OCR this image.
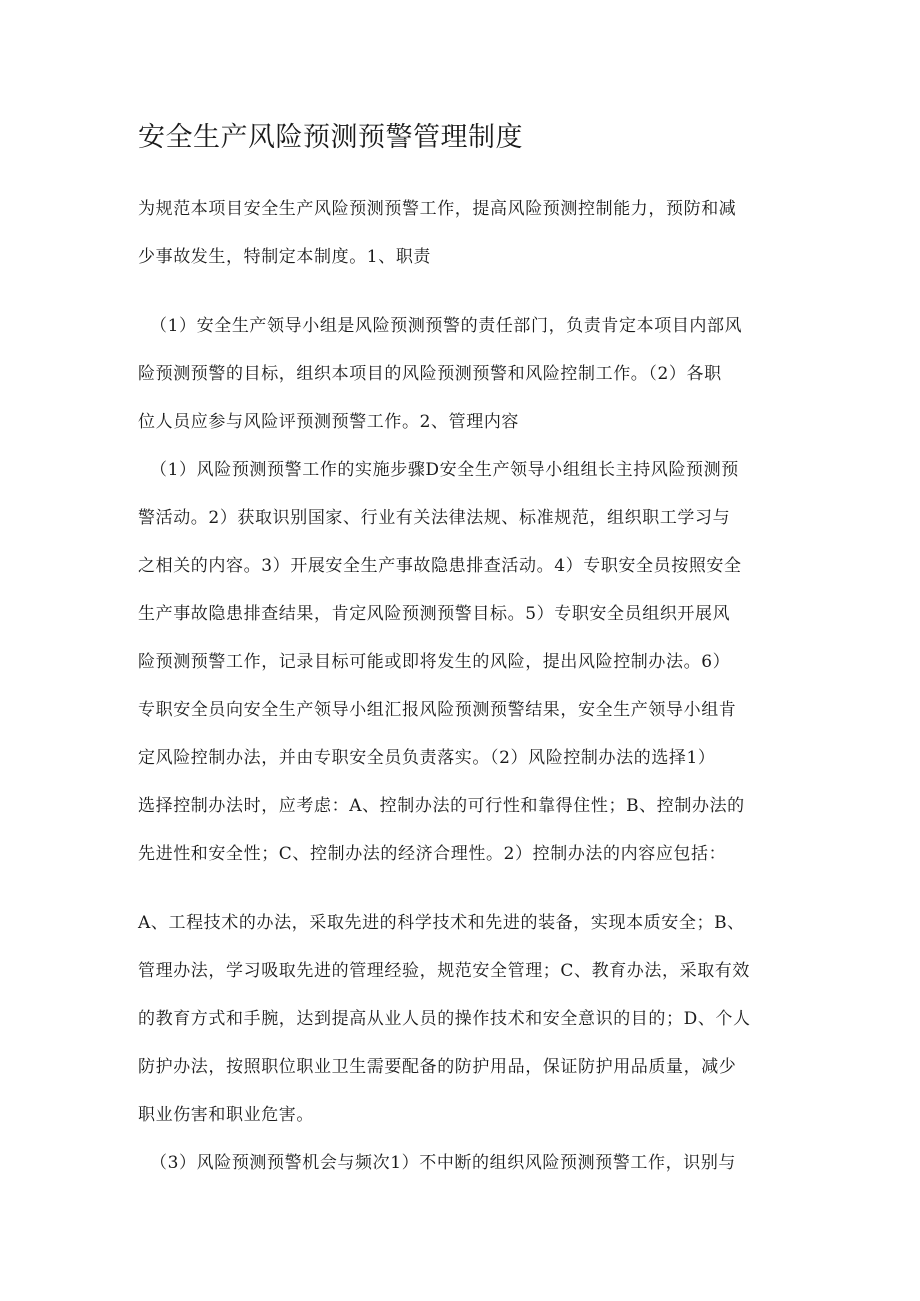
安全生产风险预测预警管理制度

为规范本项目安全生产风险预测预警工作，提高风险预测控制能力，预防和减

少事故发生，特制定本制度。1、职责

（1）安全生产领导小组是风险预测预警的责任部门，负责肯定本项目内部风

险预测预警的目标，组织本项目的风险预测预警和风险控制工作。（2）各职

位人员应参与风险评预测预警工作。2、管理内容

（1）风险预测预警工作的实施步骤D安全生产领导小组组长主持风险预测预

警活动。2）获取识别国家、行业有关法律法规、标准规范，组织职工学习与

之相关的内容。3）开展安全生产事故隐患排查活动。4）专职安全员按照安全

生产事故隐患排查结果，肯定风险预测预警目标。5）专职安全员组织开展风

险预测预警工作，记录目标可能或即将发生的风险，提出风险控制办法。6）

专职安全员向安全生产领导小组汇报风险预测预警结果，安全生产领导小组肯

定风险控制办法，并由专职安全员负责落实。（2）风险控制办法的选择1）

选择控制办法时，应考虑：A、控制办法的可行性和靠得住性；B、控制办法的

先进性和安全性；C、控制办法的经济合理性。2）控制办法的内容应包括：

A、工程技术的办法，采取先进的科学技术和先进的装备，实现本质安全；B、

管理办法，学习吸取先进的管理经验，规范安全管理；C、教育办法，采取有效

的教育方式和手腕，达到提高从业人员的操作技术和安全意识的目的；D、个人

防护办法，按照职位职业卫生需要配备的防护用品，保证防护用品质量，减少

职业伤害和职业危害。

（3）风险预测预警机会与频次1）不中断的组织风险预测预警工作，识别与
